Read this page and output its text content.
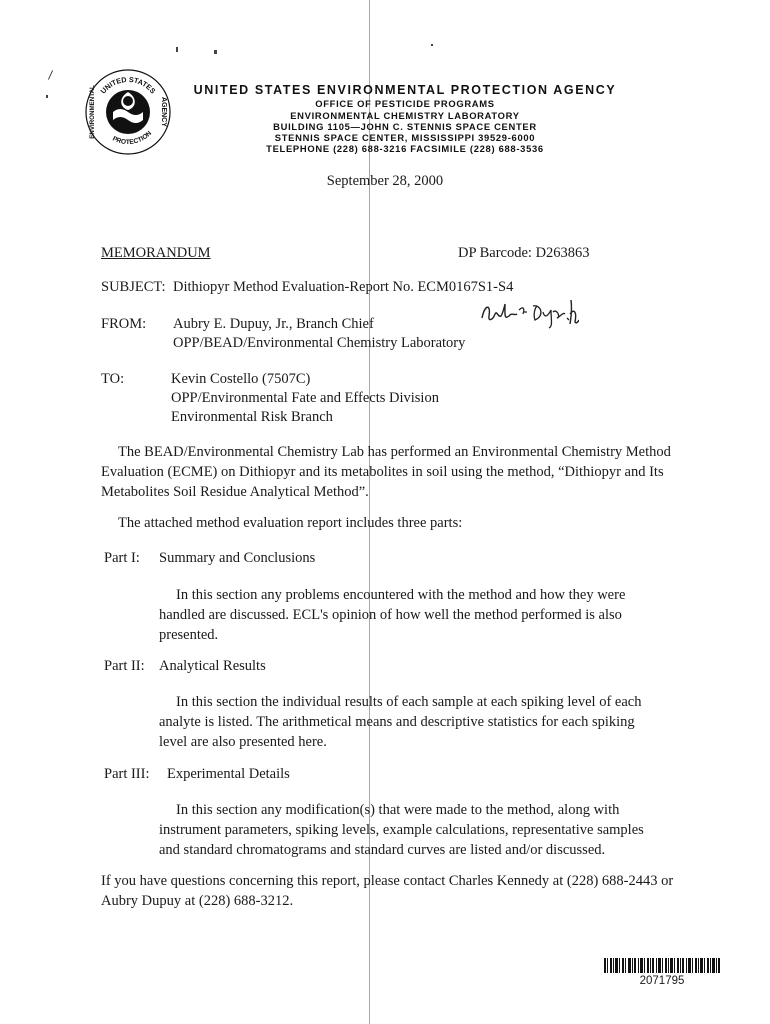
UNITED STATES
AGENCY
ENVIRONMENTAL
PROTECTION
UNITED STATES ENVIRONMENTAL PROTECTION AGENCY
OFFICE OF PESTICIDE PROGRAMS
ENVIRONMENTAL CHEMISTRY LABORATORY
BUILDING 1105—JOHN C. STENNIS SPACE CENTER
STENNIS SPACE CENTER, MISSISSIPPI 39529-6000
TELEPHONE (228) 688-3216 FACSIMILE (228) 688-3536
September 28, 2000
MEMORANDUM	DP Barcode: D263863
SUBJECT: Dithiopyr Method Evaluation-Report No. ECM0167S1-S4
FROM: Aubry E. Dupuy, Jr., Branch Chief
OPP/BEAD/Environmental Chemistry Laboratory
TO:	Kevin Costello (7507C)
OPP/Environmental Fate and Effects Division
Environmental Risk Branch
The BEAD/Environmental Chemistry Lab has performed an Environmental Chemistry Method Evaluation (ECME) on Dithiopyr and its metabolites in soil using the method, “Dithiopyr and Its Metabolites Soil Residue Analytical Method”.
The attached method evaluation report includes three parts:
Part I: Summary and Conclusions
In this section any problems encountered with the method and how they were handled are discussed. ECL's opinion of how well the method performed is also presented.
Part II: Analytical Results
In this section the individual results of each sample at each spiking level of each analyte is listed. The arithmetical means and descriptive statistics for each spiking level are also presented here.
Part III: Experimental Details
In this section any modification(s) that were made to the method, along with instrument parameters, spiking levels, example calculations, representative samples and standard chromatograms and standard curves are listed and/or discussed.
If you have questions concerning this report, please contact Charles Kennedy at (228) 688-2443 or Aubry Dupuy at (228) 688-3212.
2071795
